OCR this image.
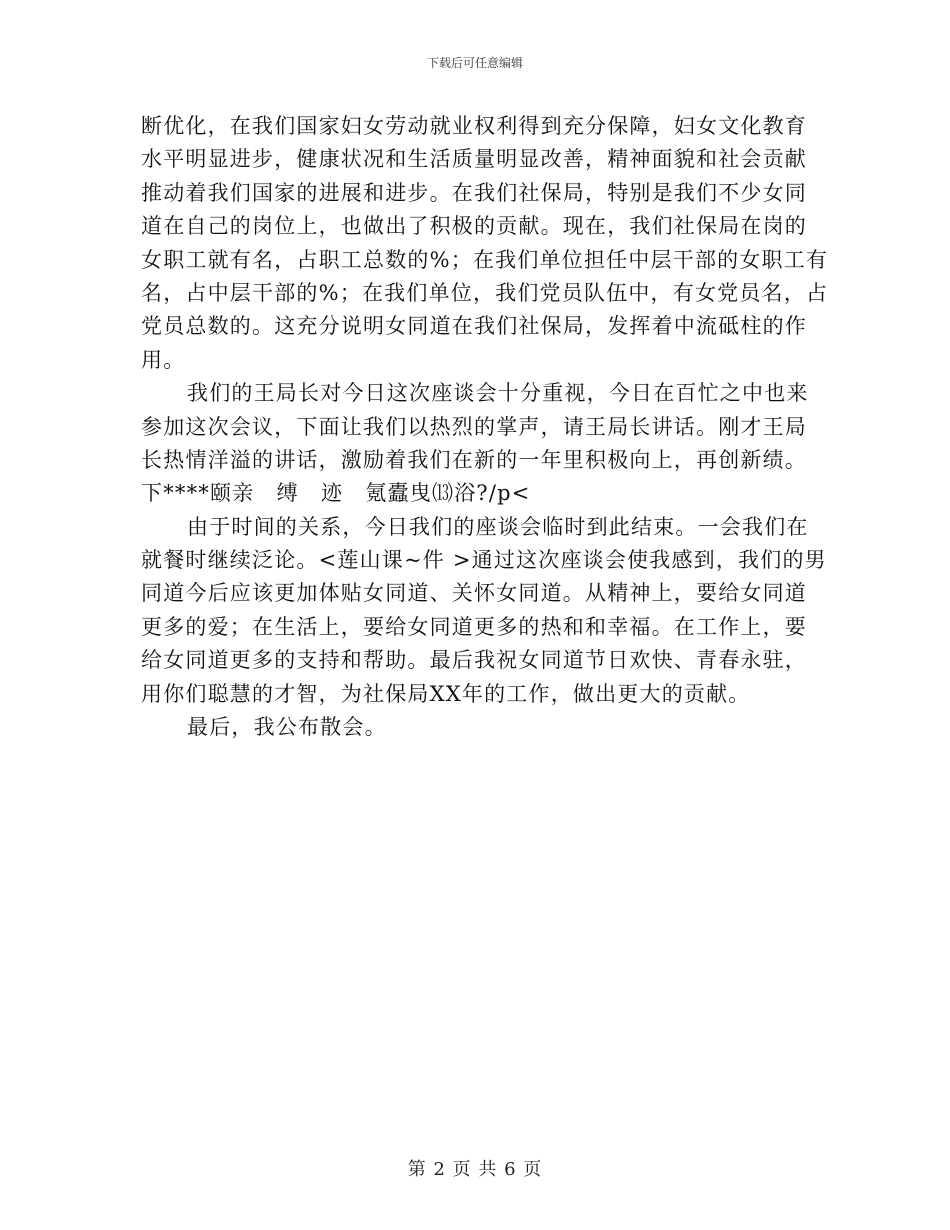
下载后可任意编辑
断优化，在我们国家妇女劳动就业权利得到充分保障，妇女文化教育
水平明显进步，健康状况和生活质量明显改善，精神面貌和社会贡献
推动着我们国家的进展和进步。在我们社保局，特别是我们不少女同
道在自己的岗位上，也做出了积极的贡献。现在，我们社保局在岗的
女职工就有名，占职工总数的%；在我们单位担任中层干部的女职工有
名，占中层干部的%；在我们单位，我们党员队伍中，有女党员名，占
党员总数的。这充分说明女同道在我们社保局，发挥着中流砥柱的作
用。
我们的王局长对今日这次座谈会十分重视，今日在百忙之中也来
参加这次会议，下面让我们以热烈的掌声，请王局长讲话。刚才王局
长热情洋溢的讲话，激励着我们在新的一年里积极向上，再创新绩。
下****颐亲　缚　迹　氪蠹曳⒀浴?/p<
由于时间的关系，今日我们的座谈会临时到此结束。一会我们在
就餐时继续泛论。<莲山课~件 >通过这次座谈会使我感到，我们的男
同道今后应该更加体贴女同道、关怀女同道。从精神上，要给女同道
更多的爱；在生活上，要给女同道更多的热和和幸福。在工作上，要
给女同道更多的支持和帮助。最后我祝女同道节日欢快、青春永驻，
用你们聪慧的才智，为社保局XX年的工作，做出更大的贡献。
最后，我公布散会。
第 2 页 共 6 页
